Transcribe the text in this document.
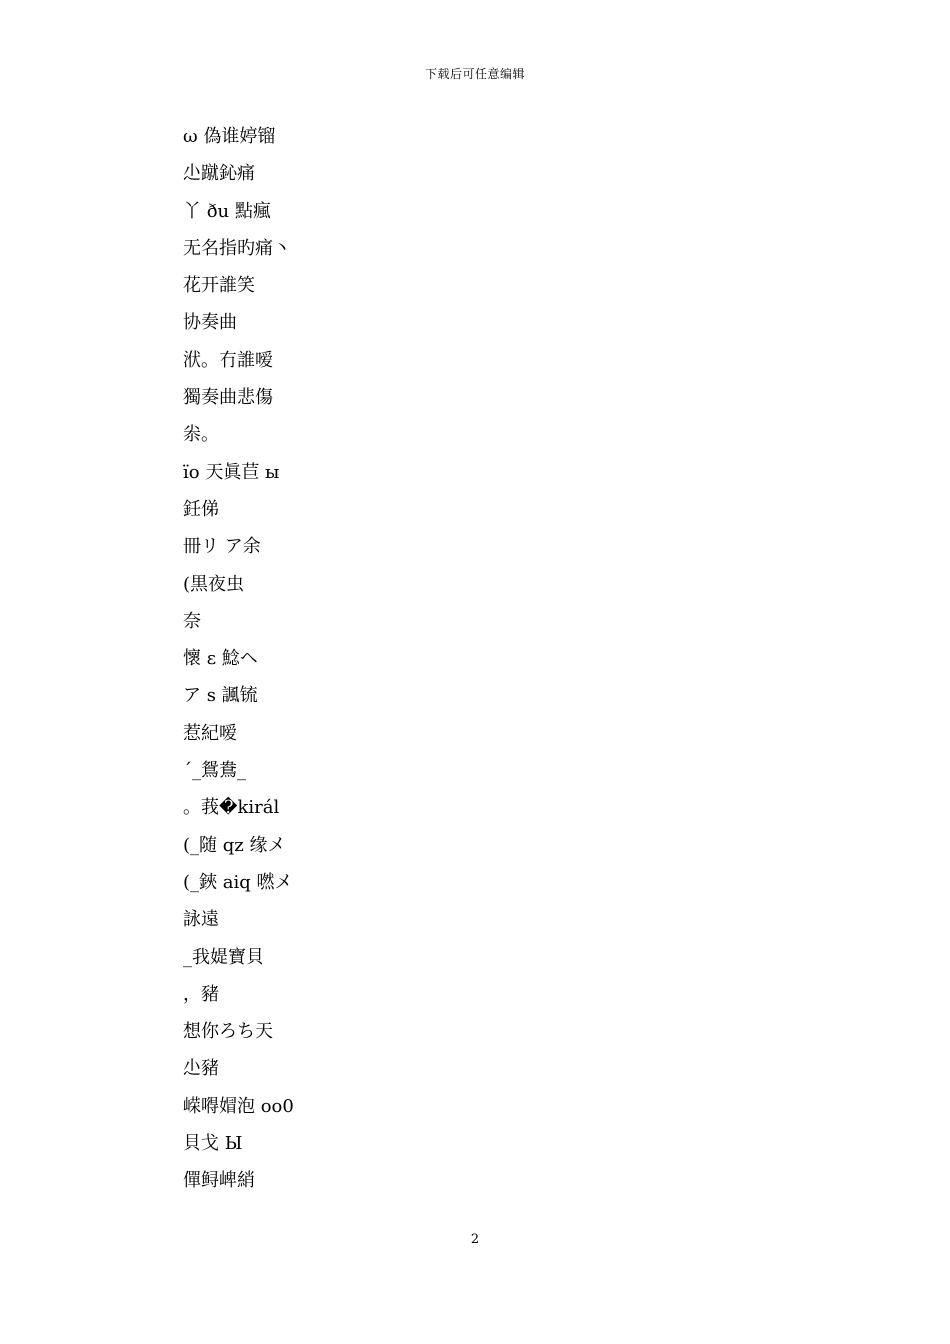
下载后可任意编辑
ω 偽谁婷镏
尐蹴鈊痛
丫 ðu 點瘋
无名指旳痛丶
花开誰笑
协奏曲
洑。冇誰嗳
獨奏曲悲傷
尜。
ïo 天眞苣 ы
鈓俤
冊リ ア余
(黒夜虫
奈
懷 ε 鯰ヘ
ア s 諷锍
惹紀嗳
ˊ_鴛鴦_
。莪�királ
(_随 qz 缘メ
(_鋏 aiq 嘫メ
詠遠
_我媞寶貝
，豬
想你ろち天
尐豬
嵘嘚媢泡 oo0
貝戈 Ы
僤鲟崥綃
2
